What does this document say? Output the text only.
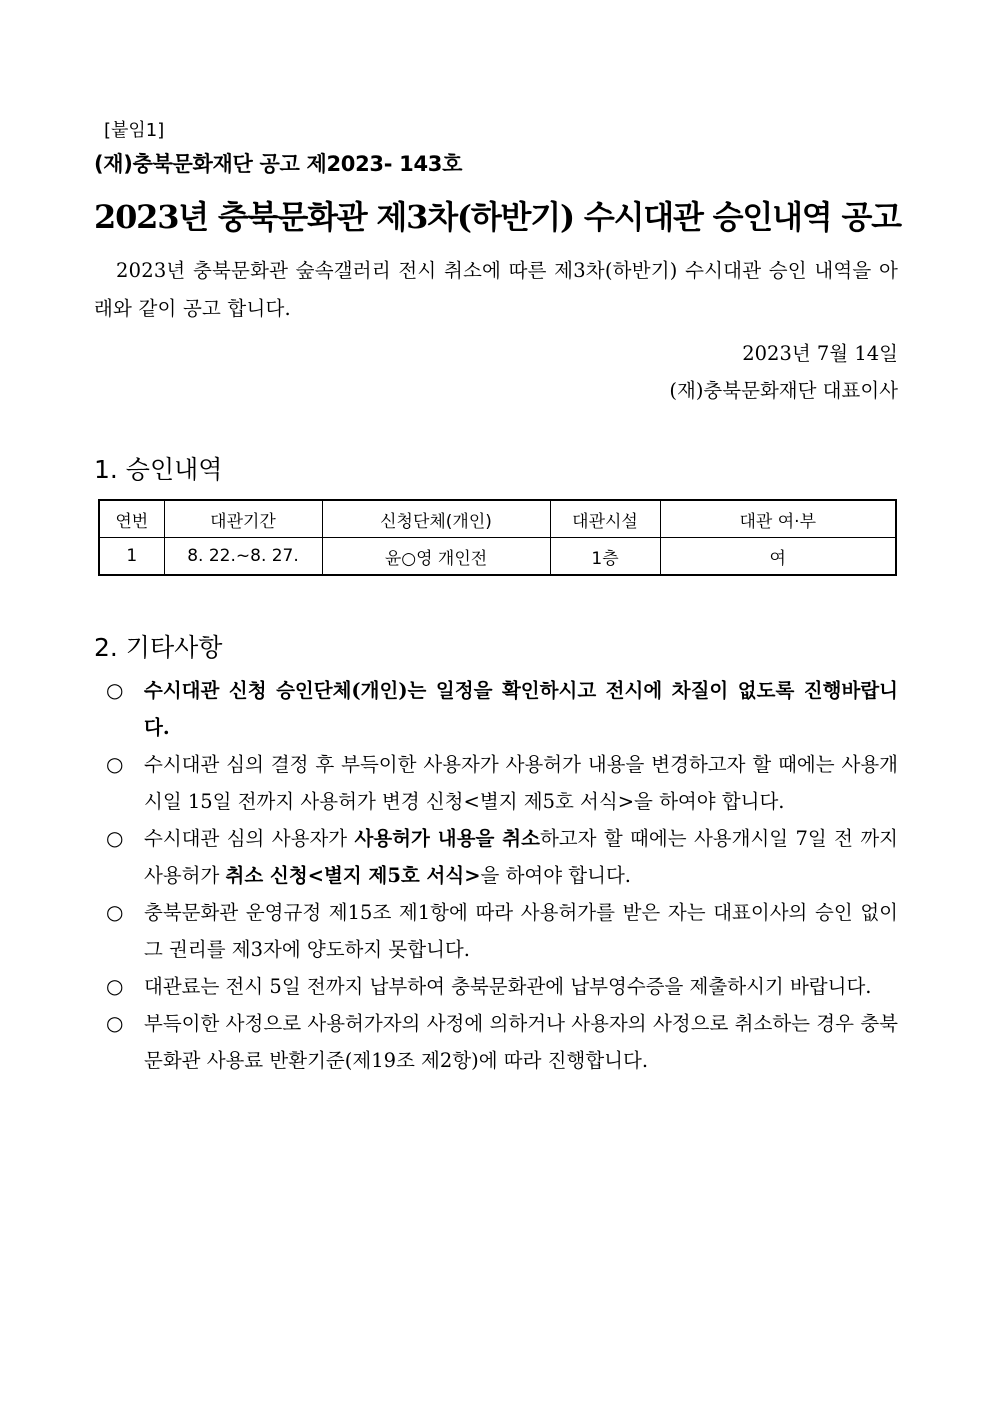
[붙임1]
(재)충북문화재단 공고 제2023- 143호
2023년 충북문화관 제3차(하반기) 수시대관 승인내역 공고
2023년 충북문화관 숲속갤러리 전시 취소에 따른 제3차(하반기) 수시대관 승인 내역을 아래와 같이 공고 합니다.
2023년 7월 14일
(재)충북문화재단 대표이사
1. 승인내역
연번	대관기간	신청단체(개인)	대관시설	대관 여·부
1	8. 22.~8. 27.	윤○영 개인전	1층	여
2. 기타사항
○
수시대관 신청 승인단체(개인)는 일정을 확인하시고 전시에 차질이 없도록 진행바랍니다.
○
수시대관 심의 결정 후 부득이한 사용자가 사용허가 내용을 변경하고자 할 때에는 사용개시일 15일 전까지 사용허가 변경 신청<별지 제5호 서식>을 하여야 합니다.
○
수시대관 심의 사용자가 사용허가 내용을 취소하고자 할 때에는 사용개시일 7일 전 까지 사용허가 취소 신청<별지 제5호 서식>을 하여야 합니다.
○
충북문화관 운영규정 제15조 제1항에 따라 사용허가를 받은 자는 대표이사의 승인 없이 그 권리를 제3자에 양도하지 못합니다.
○
대관료는 전시 5일 전까지 납부하여 충북문화관에 납부영수증을 제출하시기 바랍니다.
○
부득이한 사정으로 사용허가자의 사정에 의하거나 사용자의 사정으로 취소하는 경우 충북문화관 사용료 반환기준(제19조 제2항)에 따라 진행합니다.
